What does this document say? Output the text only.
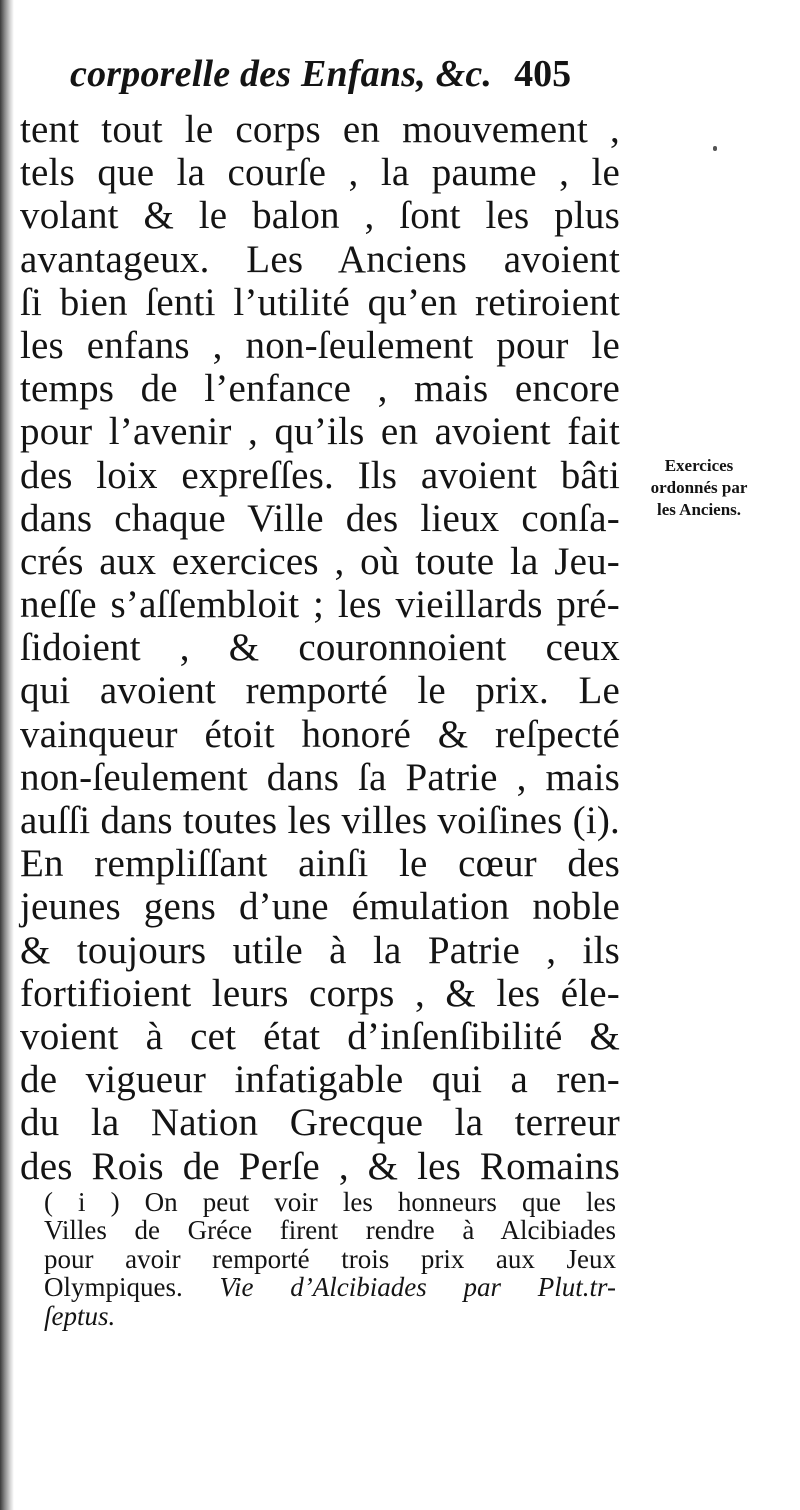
corporelle des Enfans, &c. 405
tent tout le corps en mouvement ,
tels que la courſe , la paume , le
volant & le balon , ſont les plus
avantageux. Les Anciens avoient
ſi bien ſenti l’utilité qu’en retiroient
les enfans , non-ſeulement pour le
temps de l’enfance , mais encore
pour l’avenir , qu’ils en avoient fait
des loix expreſſes. Ils avoient bâti
dans chaque Ville des lieux conſa-
crés aux exercices , où toute la Jeu-
neſſe s’aſſembloit ; les vieillards pré-
ſidoient , & couronnoient ceux
qui avoient remporté le prix. Le
vainqueur étoit honoré & reſpecté
non-ſeulement dans ſa Patrie , mais
auſſi dans toutes les villes voiſines (i).
En rempliſſant ainſi le cœur des
jeunes gens d’une émulation noble
& toujours utile à la Patrie , ils
fortifioient leurs corps , & les éle-
voient à cet état d’inſenſibilité &
de vigueur infatigable qui a ren-
du la Nation Grecque la terreur
des Rois de Perſe , & les Romains
Exercices
ordonnés par
les Anciens.
( i ) On peut voir les honneurs que les
Villes de Gréce firent rendre à Alcibiades
pour avoir remporté trois prix aux Jeux
Olympiques. Vie d’Alcibiades par Plut.tr-
ſeptus.
